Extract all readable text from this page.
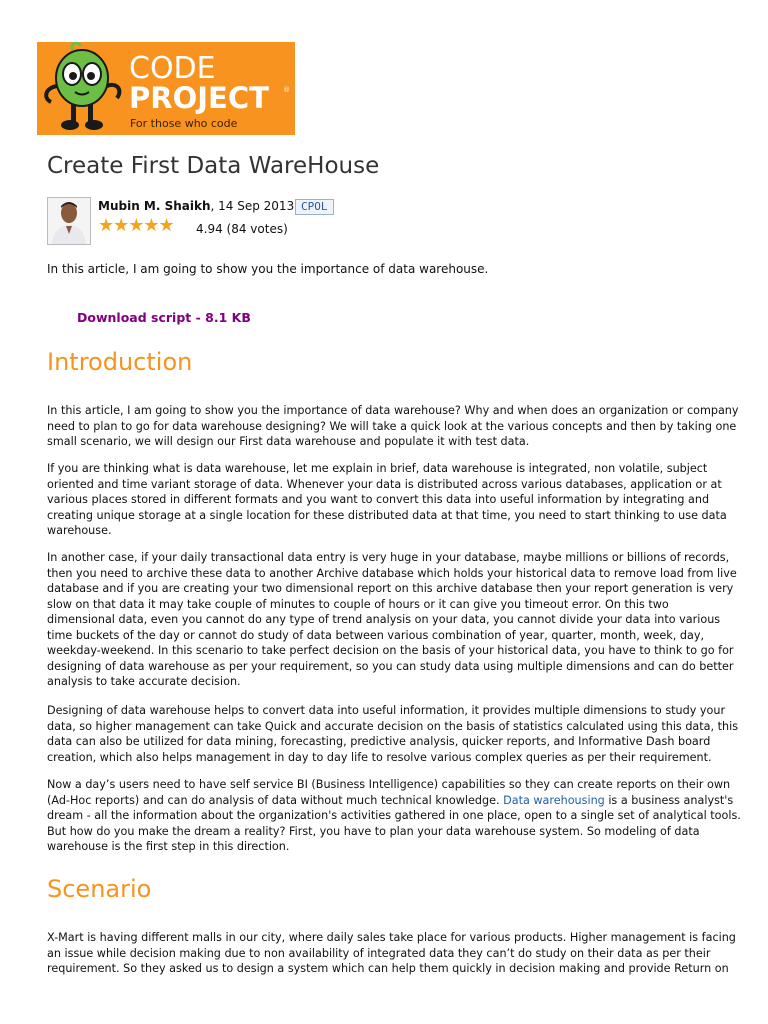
CODE
PROJECT ®
For those who code
Create First Data WareHouse
Mubin M. Shaikh, 14 Sep 2013 CPOL
★★★★★ 4.94 (84 votes)
In this article, I am going to show you the importance of data warehouse.
Download script - 8.1 KB
Introduction
In this article, I am going to show you the importance of data warehouse? Why and when does an organization or company
need to plan to go for data warehouse designing? We will take a quick look at the various concepts and then by taking one
small scenario, we will design our First data warehouse and populate it with test data.
If you are thinking what is data warehouse, let me explain in brief, data warehouse is integrated, non volatile, subject
oriented and time variant storage of data. Whenever your data is distributed across various databases, application or at
various places stored in different formats and you want to convert this data into useful information by integrating and
creating unique storage at a single location for these distributed data at that time, you need to start thinking to use data
warehouse.
In another case, if your daily transactional data entry is very huge in your database, maybe millions or billions of records,
then you need to archive these data to another Archive database which holds your historical data to remove load from live
database and if you are creating your two dimensional report on this archive database then your report generation is very
slow on that data it may take couple of minutes to couple of hours or it can give you timeout error. On this two
dimensional data, even you cannot do any type of trend analysis on your data, you cannot divide your data into various
time buckets of the day or cannot do study of data between various combination of year, quarter, month, week, day,
weekday-weekend. In this scenario to take perfect decision on the basis of your historical data, you have to think to go for
designing of data warehouse as per your requirement, so you can study data using multiple dimensions and can do better
analysis to take accurate decision.
Designing of data warehouse helps to convert data into useful information, it provides multiple dimensions to study your
data, so higher management can take Quick and accurate decision on the basis of statistics calculated using this data, this
data can also be utilized for data mining, forecasting, predictive analysis, quicker reports, and Informative Dash board
creation, which also helps management in day to day life to resolve various complex queries as per their requirement.
Now a day’s users need to have self service BI (Business Intelligence) capabilities so they can create reports on their own
(Ad-Hoc reports) and can do analysis of data without much technical knowledge. Data warehousing is a business analyst's
dream - all the information about the organization's activities gathered in one place, open to a single set of analytical tools.
But how do you make the dream a reality? First, you have to plan your data warehouse system. So modeling of data
warehouse is the first step in this direction.
Scenario
X-Mart is having different malls in our city, where daily sales take place for various products. Higher management is facing
an issue while decision making due to non availability of integrated data they can’t do study on their data as per their
requirement. So they asked us to design a system which can help them quickly in decision making and provide Return on
